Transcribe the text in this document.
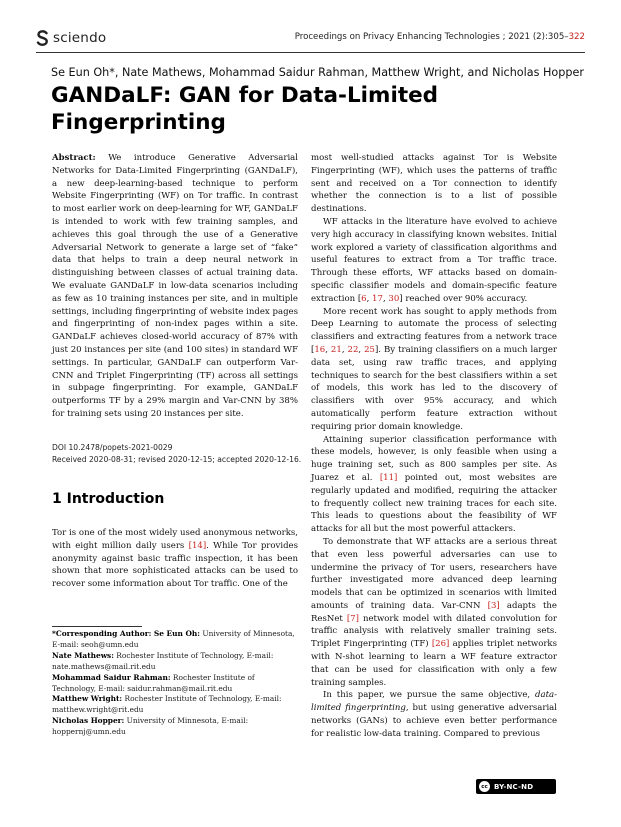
sciendo	Proceedings on Privacy Enhancing Technologies ; 2021 (2):305–322
Se Eun Oh*, Nate Mathews, Mohammad Saidur Rahman, Matthew Wright, and Nicholas Hopper
GANDaLF: GAN for Data-Limited
Fingerprinting

Abstract: We introduce Generative Adversarial Networks for Data-Limited Fingerprinting (GANDaLF), a new deep-learning-based technique to perform Website Fingerprinting (WF) on Tor traffic. In contrast to most earlier work on deep-learning for WF, GANDaLF is intended to work with few training samples, and achieves this goal through the use of a Generative Adversarial Network to generate a large set of “fake” data that helps to train a deep neural network in distinguishing between classes of actual training data. We evaluate GANDaLF in low-data scenarios including as few as 10 training instances per site, and in multiple settings, including fingerprinting of website index pages and fingerprinting of non-index pages within a site. GANDaLF achieves closed-world accuracy of 87% with just 20 instances per site (and 100 sites) in standard WF settings. In particular, GANDaLF can outperform Var-CNN and Triplet Fingerprinting (TF) across all settings in subpage fingerprinting. For example, GANDaLF outperforms TF by a 29% margin and Var-CNN by 38% for training sets using 20 instances per site.

DOI 10.2478/popets-2021-0029
Received 2020-08-31; revised 2020-12-15; accepted 2020-12-16.
1 Introduction

Tor is one of the most widely used anonymous networks, with eight million daily users [14]. While Tor provides anonymity against basic traffic inspection, it has been shown that more sophisticated attacks can be used to recover some information about Tor traffic. One of the

*Corresponding Author: Se Eun Oh: University of Minnesota, E-mail: seoh@umn.edu

Nate Mathews: Rochester Institute of Technology, E-mail: nate.mathews@mail.rit.edu

Mohammad Saidur Rahman: Rochester Institute of Technology, E-mail: saidur.rahman@mail.rit.edu

Matthew Wright: Rochester Institute of Technology, E-mail: matthew.wright@rit.edu

Nicholas Hopper: University of Minnesota, E-mail: hoppernj@umn.edu

most well-studied attacks against Tor is Website Fingerprinting (WF), which uses the patterns of traffic sent and received on a Tor connection to identify whether the connection is to a list of possible destinations.

WF attacks in the literature have evolved to achieve very high accuracy in classifying known websites. Initial work explored a variety of classification algorithms and useful features to extract from a Tor traffic trace. Through these efforts, WF attacks based on domain-specific classifier models and domain-specific feature extraction [6, 17, 30] reached over 90% accuracy.

More recent work has sought to apply methods from Deep Learning to automate the process of selecting classifiers and extracting features from a network trace [16, 21, 22, 25]. By training classifiers on a much larger data set, using raw traffic traces, and applying techniques to search for the best classifiers within a set of models, this work has led to the discovery of classifiers with over 95% accuracy, and which automatically perform feature extraction without requiring prior domain knowledge.

Attaining superior classification performance with these models, however, is only feasible when using a huge training set, such as 800 samples per site. As Juarez et al. [11] pointed out, most websites are regularly updated and modified, requiring the attacker to frequently collect new training traces for each site. This leads to questions about the feasibility of WF attacks for all but the most powerful attackers.

To demonstrate that WF attacks are a serious threat that even less powerful adversaries can use to undermine the privacy of Tor users, researchers have further investigated more advanced deep learning models that can be optimized in scenarios with limited amounts of training data. Var-CNN [3] adapts the ResNet [7] network model with dilated convolution for traffic analysis with relatively smaller training sets. Triplet Fingerprinting (TF) [26] applies triplet networks with N-shot learning to learn a WF feature extractor that can be used for classification with only a few training samples.

In this paper, we pursue the same objective, data-limited fingerprinting, but using generative adversarial networks (GANs) to achieve even better performance for realistic low-data training. Compared to previous

cc BY-NC-ND
